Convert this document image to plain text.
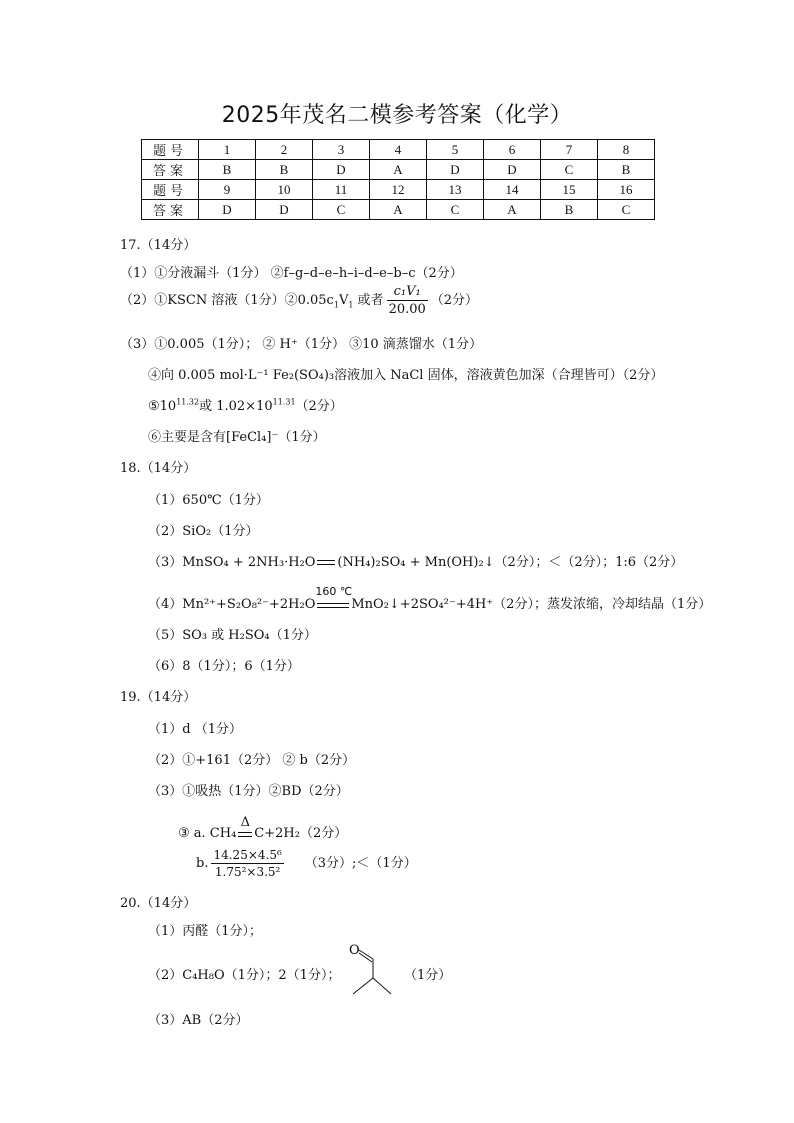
2025年茂名二模参考答案（化学）
题号	1	2	3	4	5	6	7	8
答案	B	B	D	A	D	D	C	B
题号	9	10	11	12	13	14	15	16
答案	D	D	C	A	C	A	B	C
17.（14分）
（1）①分液漏斗（1分） ②f–g–d–e–h–i–d–e–b–c（2分）
（2）①KSCN 溶液（1分）$②0.05c_1V_1$ 或者 $\frac{\text{c₁V₁}}{20.00} (2$分）
（3）①0.005（1分）； ② H⁺（1分） ③10 滴蒸馏水（1分）
④向 0.005 mol·L⁻¹ Fe₂(SO₄)₃溶液加入 NaCl 固体，溶液黄色加深（合理皆可）（2分）
$⑤10^{11.32}$或 $1.02\times 10^{11.31}(2$分）
⑥主要是含有[FeCl₄]⁻（1分）
18.（14分）
（1）650℃（1分）
（2）SiO₂（1分）
（3）MnSO₄ + 2NH₃·H₂O (NH₄)₂SO₄ + Mn(OH)₂↓（2分）；＜（2分）；1:6（2分）
（4）Mn²⁺+S₂O₈²⁻+2H₂O
160 ℃
MnO₂↓+2SO₄²⁻+4H⁺（2分）；蒸发浓缩，冷却结晶（1分）
（5）SO₃ 或 H₂SO₄（1分）
（6）8（1分）；6（1分）
19.（14分）
（1）d （1分）
（2）①+161（2分） ② b（2分）
（3）①吸热（1分）②BD（2分）
③ a. CH₄
Δ
C+2H₂（2分）
b. $\frac{\text{14.25×4.5⁶}}{\text{1.75²×3.5²}} (3$分）;＜（1分）
20.（14分）
（1）丙醛（1分）；
（2）C₄H₈O（1分）；2（1分）；
O
（1分）
（3）AB（2分）
